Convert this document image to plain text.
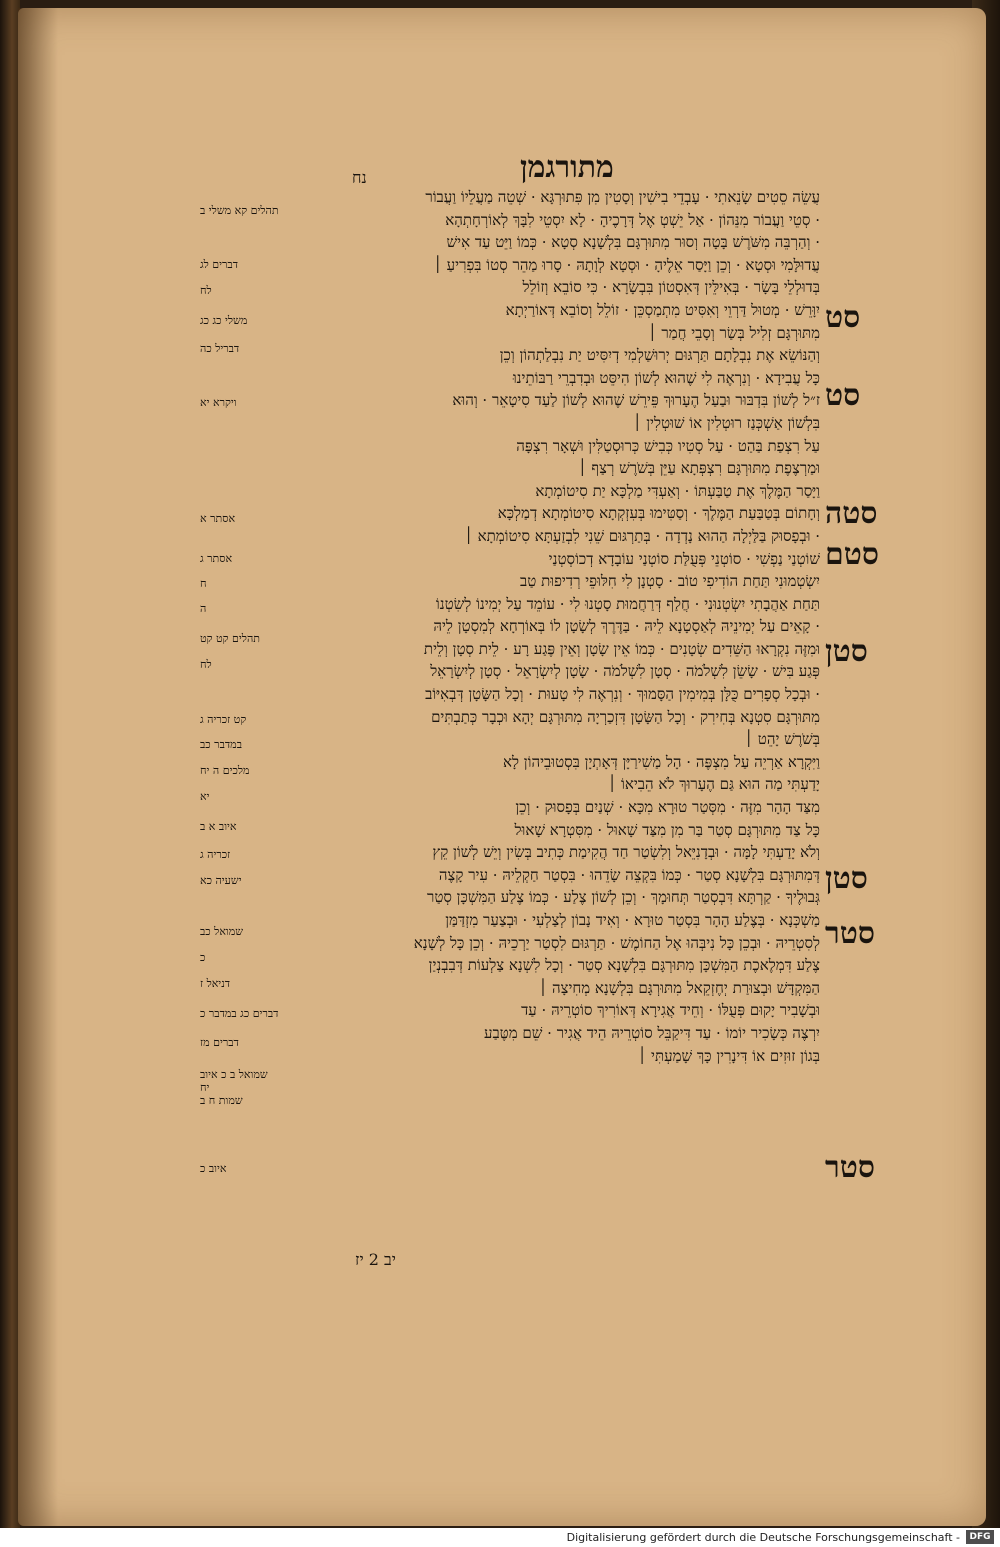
מתורגמן
נח
עֲשֵׂה סֵטִים שָׂנֵאתִי · עָבְדֵי בִישִׁין וְסָטִין מִן פִּתוּרְגָּא · שְׁטֵה מַעֲלֵיוֹ וַעֲבוֹר
· סְטֵי וַעֲבוֹר מִנֵּהוֹן · אַל יֵשְׁטְ אֶל דְּרָכֶיהָ · לָא יִסְטֵי לִבָּךְ לְאוֹרְחָתְהָא
· וְהַרְבֵּה מִשֹּׁרֶשׁ בָּטָה וְסוּר מִתּוּרְגָּם בִּלְשָׁנָא סְטָא · כְּמוֹ וַיֵּט עַד אִישׁ
עֲדוּלָּמִי וּסְטָא · וְכֵן וַיָּסַר אֵלֶיהָ · וּסְטָא לְוָתָהּ · סָרוּ מַהֵר סְטוֹ בִּפְרִיעַ ׀
בְּדוּלְלֵי בָּשָׂר · בְּאִילֵּין דְּאִסְטוֹן בִּבְשָׂרָא · כִּי סוֹבֵא וְזוֹלֵל
יִוָּרֵשׁ · מְטוּל דַּרְוֵי וְאִסִּיט מִתְמַסְכֵּן · זוֹלֵל וְסוֹבֵא דְּאוֹרַיְתָא
מִתּוּרְגָּם זְלִיל בְּשַׂר וְסָבֵי חֲמַר ׀
וְהַנּוֹשֵׂא אֶת נִבְלָתָם תַּרְגּוּם יְרוּשַׁלְמִי דְיִסִּיט יַת נִבְלַתְהוֹן וְכֵן
כָּל עֲבִידָא · וְנִרְאֶה לִי שֶׁהוּא לְשׁוֹן הִיסֵּט וּבְדִבְרֵי רַבּוֹתֵינוּ
ז״ל לְשׁוֹן בִּדְבּוּר וּבַעַל הֶעָרוּךְ פֵּירֵשׁ שֶׁהוּא לְשׁוֹן לַעַד סִיטָאֵר · וְהוּא
בִּלְשׁוֹן אַשְׁכְּנַז רוּטְלִין אוֹ שׁוּטְלִין ׀
עַל רִצְפַת בַּהַט · עַל סְטִיו כְּבִישׁ כְּרוּסְטַלִּין וּשְׁאָר רִצְפָּה
וּמַרְצֶפֶת מִתּוּרְגָּם רִצְפְּתָא עַיֵּן בְּשֹׁרֶשׁ רְצַף ׀
וַיָּסַר הַמֶּלֶךְ אֶת טַבַּעְתּוֹ · וְאַעְדִּי מַלְכָּא יַת סִיטוֹמְתָא
וְחָתוֹם בְּטַבַּעַת הַמֶּלֶךְ · וְסַטִּימוּ בְּעִזְקְתָא סִיטוֹמְתָא דְמַלְכָּא
· וּבְפָסוּק בַּלַּיְלָה הַהוּא נָדְדָה · בְּתַרְגּוּם שֵׁנִי לִבְזַעְתָּא סִיטוֹמְתָא ׀
שׁוֹטְנַי נַפְשִׁי · סוֹטְנֵי פְּעֻלַּת סוֹטְנַי עוֹבָדָא דְכוֹסְטְנַי
יִשְׂטְמוּנִי תַּחַת הוֹדִיפִי טוֹב · סָטְנָן לִי חִלּוּפֵי רְדִיפוּת טַב
תַּחַת אַהֲבָתִי יִשְׂטְנוּנִי · חֲלַף דְּרַחֲמוּת סָטְנוּ לִי · עוֹמֵד עַל יְמִינוֹ לְשִׂטְנוֹ
· קָאֵים עַל יְמִינֵיהּ לְאַסְטָנָא לֵיהּ · בַּדֶּרֶךְ לְשָׂטָן לוֹ בְּאוֹרְחָא לְמִסְטָן לֵיהּ
וּמִזֶּה נִקְרָאוּ הַשֵּׁדִים שְׂטָנִים · כְּמוֹ אֵין שָׂטָן וְאֵין פֶּגַע רָע · לֵית סְטָן וְלֵית
פְּגַע בִּישׁ · שָׂשֵׂן לִשְׁלֹמֹה · סְטָן לִשְׁלֹמֹה · שָׂטָן לְיִשְׂרָאֵל · סְטָן לְיִשְׂרָאֵל
· וּבְכָל סְפָרִים כֻּלָּן בְּמִימִין הַסָּמוּךְ · וְנִרְאֶה לִי טָעוּת · וְכָל הַשָּׂטָן דְּבְאִיּוֹב
מִתּוּרְגָּם סִטְנָא בְּחִירִק · וְכָל הַשָּׂטָן דִּזְכַרְיָה מִתּוּרְגָּם יְהָא וּכְבָר כְּתַבְתִּים
בְּשֹׁרֶשׁ יָהֵט ׀
וַיִּקְרָא אַרְיֵה עַל מִצְפֶּה · הָל מַשִׁירַיָּן דְּאָתְיָן בִּסְטוּבֵיהוֹן לָא
יָדַעְתִּי מַה הוּא גַּם הֶעָרוּךְ לֹא הֵבִיאוֹ ׀
מִצַּד הָהָר מִזֶּה · מִסְּטַר טוּרָא מִכָּא · שְׁנַיִם בְּפָסוּק · וְכֵן
כָּל צַד מִתּוּרְגָּם סְטַר בַּר מִן מִצַּד שָׁאוּל · מִסִּטְרָא שָׁאוּל
וְלֹא יָדַעְתִּי לָמָּה · וּבְדָנִיֵּאל וְלִשְׂטַר חַד הֲקִימַת כְּתִיב בְּשִׂין וְיֵשׁ לְשׁוֹן קֵץ
דְּמִתּוּרְגָּם בִּלְשָׁנָא סְטַר · כְּמוֹ בִּקְצֵה שָׂדֵהוּ · בִּסְטַר חַקְלֵיהּ · עִיר קָצֶה
גְּבוּלֶיךָ · קַרְתָּא דִּבְסְטַר תְּחוּמָךְ · וְכֵן לְשׁוֹן צֶלַע · כְּמוֹ צֶלַע הַמִּשְׁכָּן סְטַר
מַשְׁכְּנָא · בְּצֶלַע הָהָר בִּסְטַר טוּרָא · וְאִיד נָבוֹן לְצַלְעִי · וּבְצַעַר מִזְדַּמַּן
לְסִטְרֵיהּ · וּבְכֵן כָּל נִיבְּהוּ אֶל הַחוֹמֶשׁ · תַּרְגּוּם לִסְטַר יַרְכֵיהּ · וְכֵן כָּל לְשָׁנָא
צֶלַע דִּמְלֶאכֶת הַמִּשְׁכָּן מִתּוּרְגָּם בִּלְשָׁנָא סְטַר · וְכָל לִשְׁנָא צַלְעוֹת דְּבִבְנְיַן
הַמִּקְדָּשׁ וּבְצוּרַת יְחֶזְקֵאל מִתּוּרְגָּם בִּלְשָׁנָא מְחִיצָה ׀
וּבְשָׁבִיר יָקוּם פְּעֻלּוֹ · וְחֵיד אֲגִירָא דְּאוֹרִיךְ סוֹטְרֵיהּ · עַד
יִרְצֶה כְּשָׂכִיר יוֹמוֹ · עַד דִּיקַבֵּל סוֹטְרֵיהּ הֵיד אֲגִיר · שֵׁם מִטֶּבַע
בְּגוֹן זוּזִים אוֹ דִּינָרִין כָּךְ שָׁמַעְתִּי ׀
סט
סט
סטה
סטם
סטן
סטן
סטר
סטר
תהלים קא משלי ב
דברים לג
לח
משלי כג כג
דבריל כה
ויקרא יא
אסתר א
אסתר ג
ח
ה
תהלים קט קט
לח
קט זכריה ג
במדבר כב
מלכים ה יח
יא
איוב א ב
זכריה ג
ישעיה כא
שמואל כב
כ
דניאל ז
דברים כג במדבר כ
דברים מז
שמואל ב כ איוב יח
שמות ח ב
איוב כ
יב 2 יז
Digitalisierung gefördert durch die Deutsche Forschungsgemeinschaft -	DFG
